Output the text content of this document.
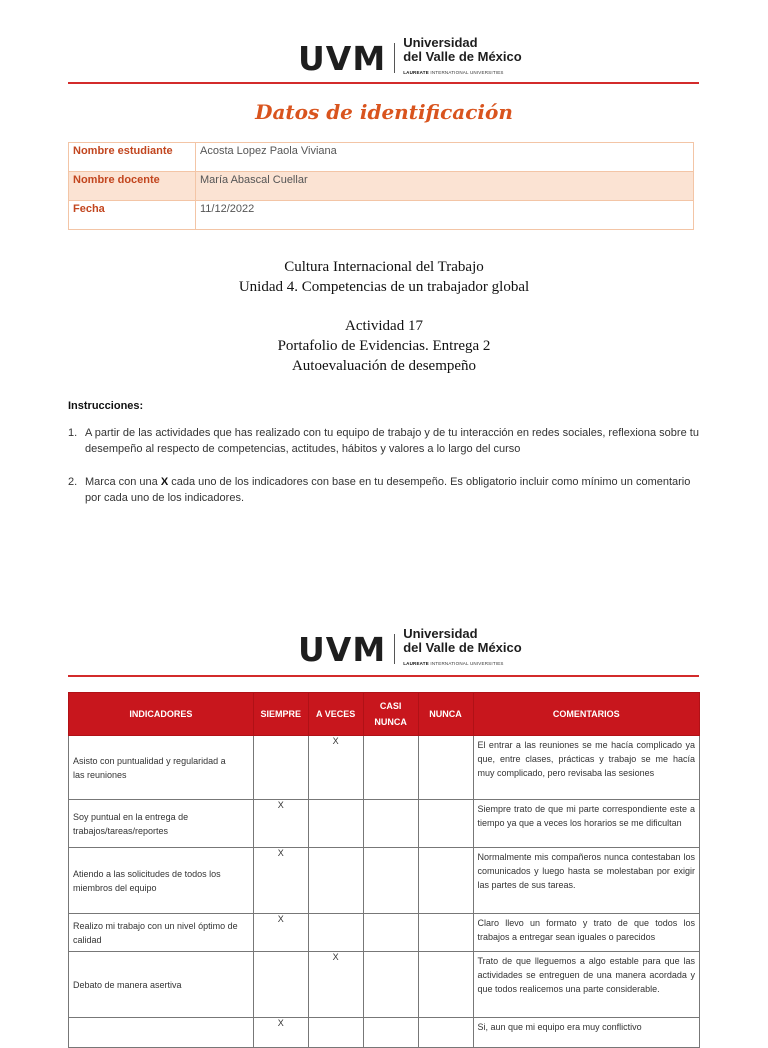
UVM Universidad
del Valle de México
LAUREATE INTERNATIONAL UNIVERSITIES
Datos de identificación
Nombre estudiante	Acosta Lopez Paola Viviana
Nombre docente	María Abascal Cuellar
Fecha	11/12/2022
Cultura Internacional del Trabajo
Unidad 4. Competencias de un trabajador global
Actividad 17
Portafolio de Evidencias. Entrega 2
Autoevaluación de desempeño
Instrucciones:
1. A partir de las actividades que has realizado con tu equipo de trabajo y de tu interacción en redes sociales, reflexiona sobre tu desempeño al respecto de competencias, actitudes, hábitos y valores a lo largo del curso
2. Marca con una X cada uno de los indicadores con base en tu desempeño. Es obligatorio incluir como mínimo un comentario por cada uno de los indicadores.
UVM Universidad
del Valle de México
LAUREATE INTERNATIONAL UNIVERSITIES
INDICADORES	SIEMPRE	A VECES	CASI NUNCA	NUNCA	COMENTARIOS
Asisto con puntualidad y regularidad a
las reuniones		X			El entrar a las reuniones se me hacía complicado ya que, entre clases, prácticas y trabajo se me hacía muy complicado, pero revisaba las sesiones
Soy puntual en la entrega de trabajos/tareas/reportes	X				Siempre trato de que mi parte correspondiente este a tiempo ya que a veces los horarios se me dificultan
Atiendo a las solicitudes de todos los miembros del equipo	X				Normalmente mis compañeros nunca contestaban los comunicados y luego hasta se molestaban por exigir las partes de sus tareas.
Realizo mi trabajo con un nivel óptimo de calidad	X				Claro llevo un formato y trato de que todos los trabajos a entregar sean iguales o parecidos
Debato de manera asertiva		X			Trato de que lleguemos a algo estable para que las actividades se entreguen de una manera acordada y que todos realicemos una parte considerable.
	X				Si, aun que mi equipo era muy conflictivo
